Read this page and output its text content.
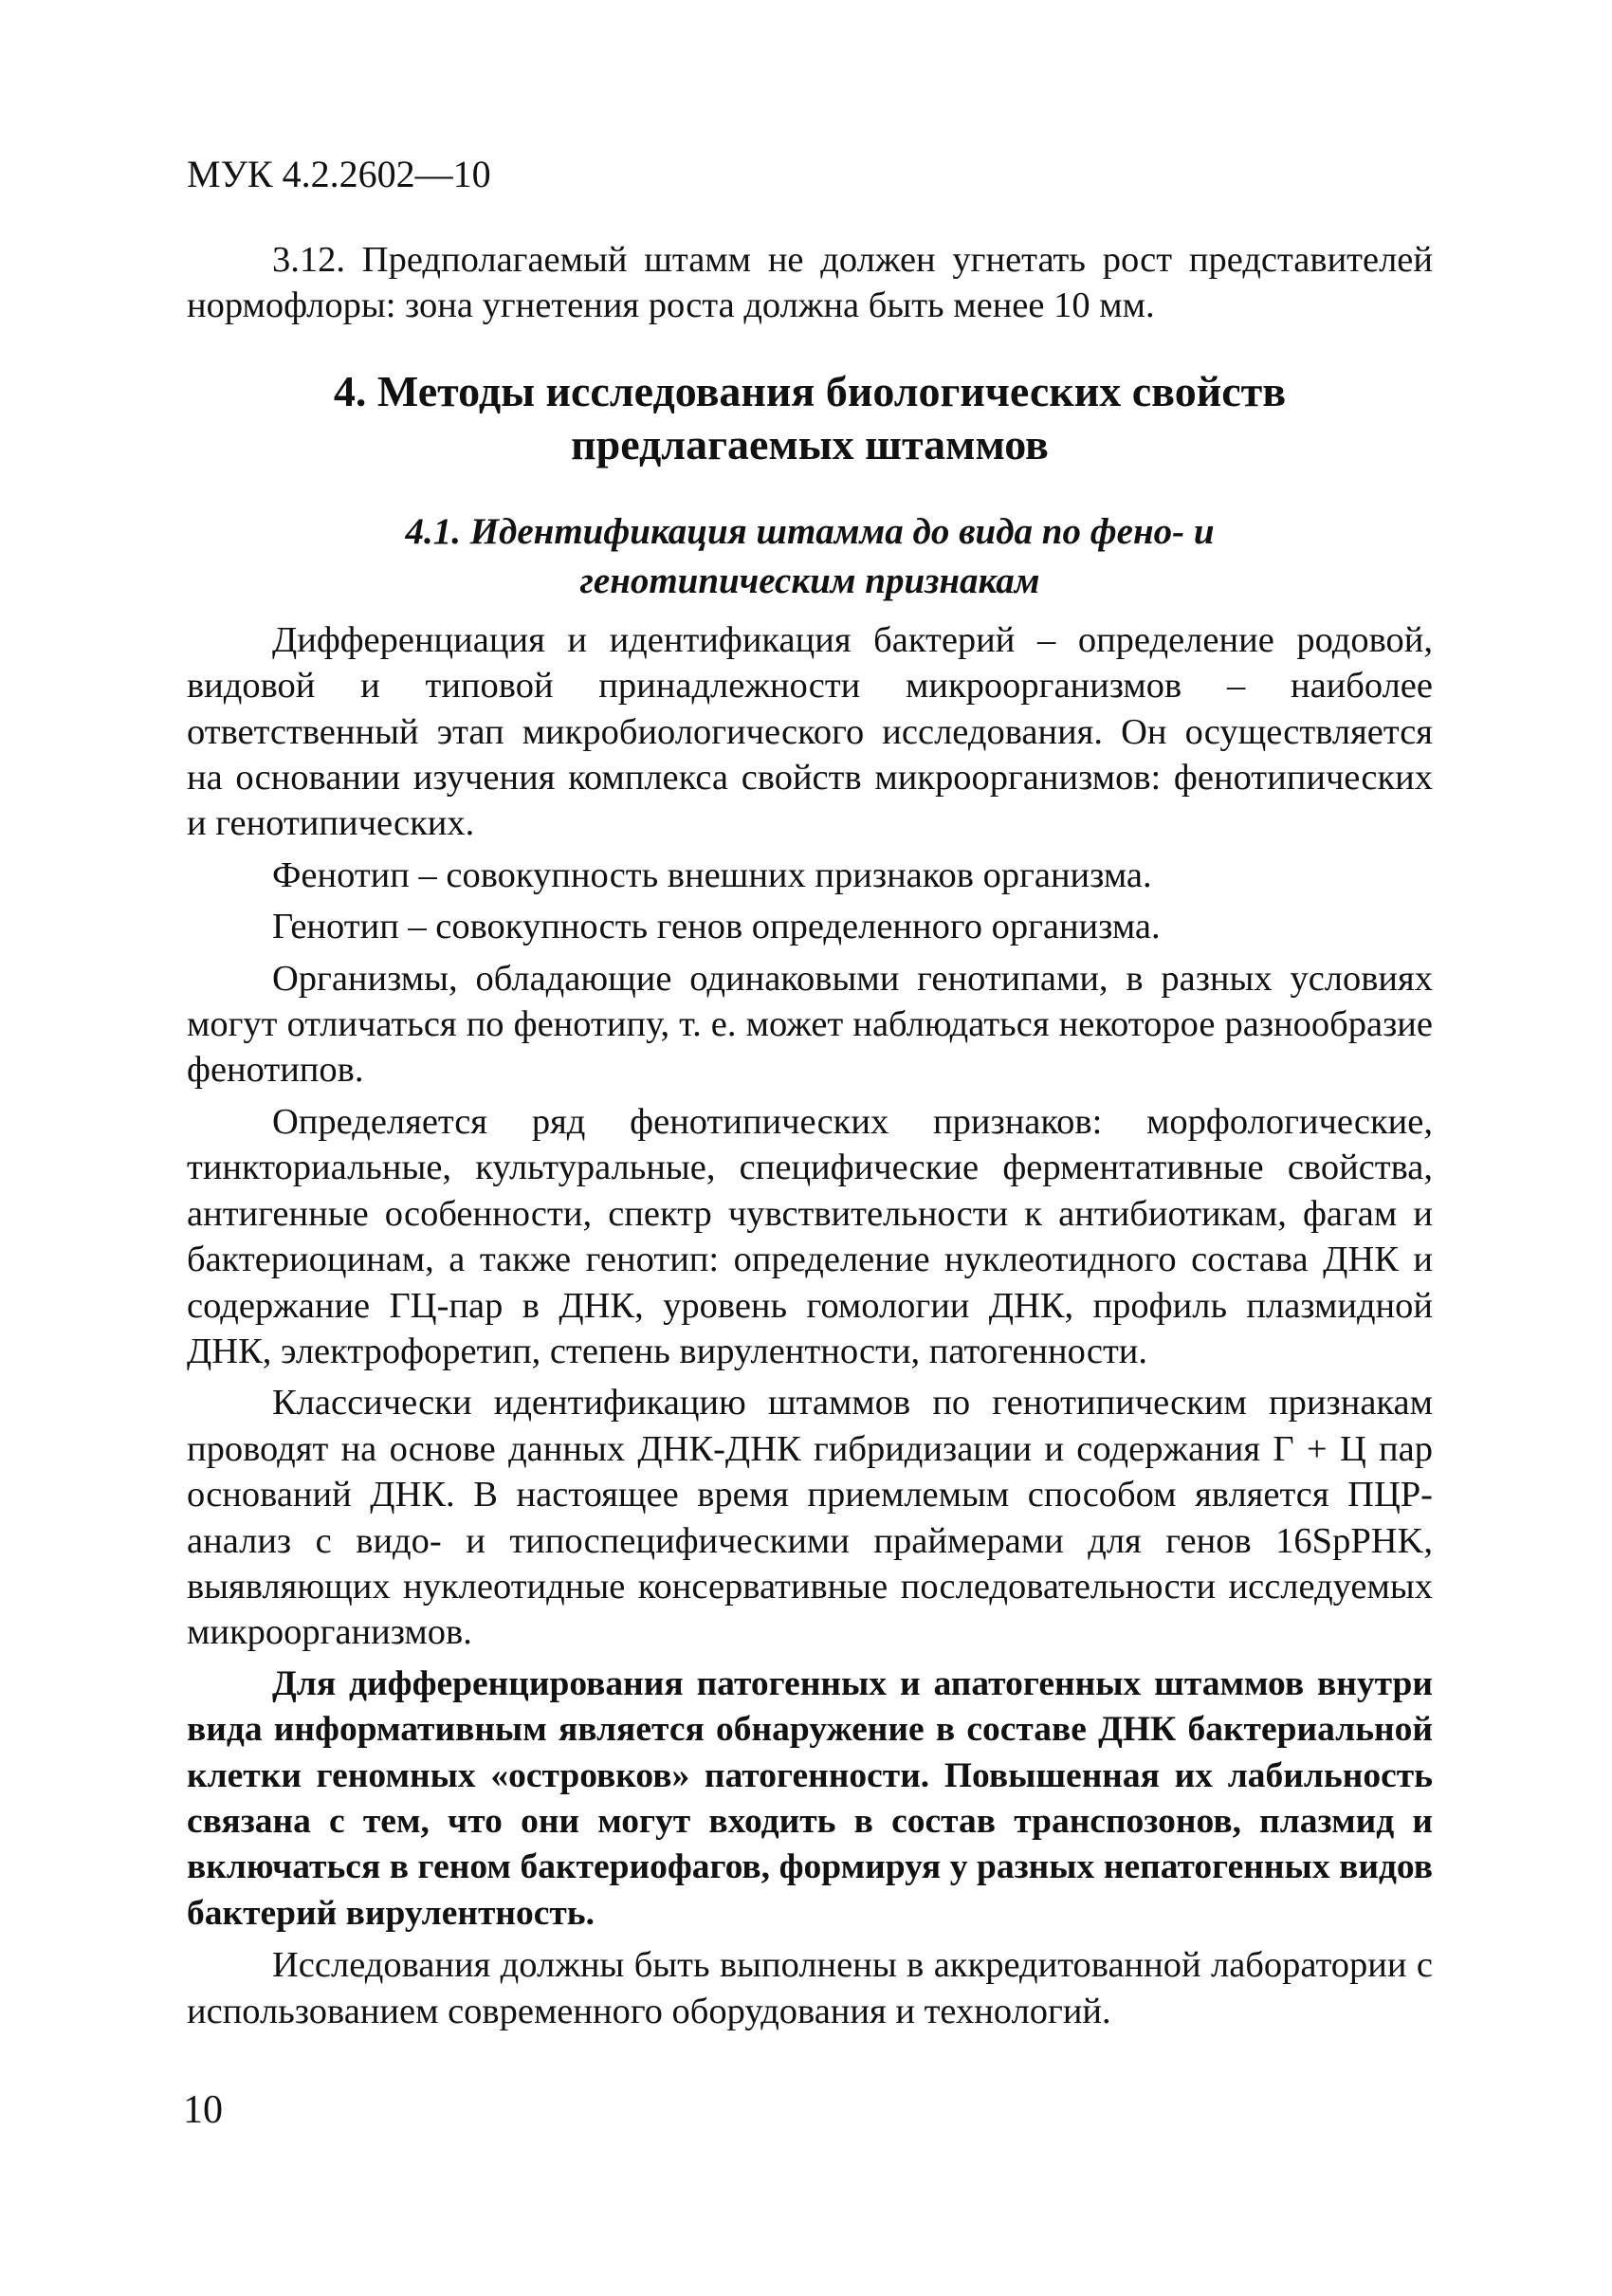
МУК 4.2.2602—10

3.12. Предполагаемый штамм не должен угнетать рост представителей нормофлоры: зона угнетения роста должна быть менее 10 мм.

4. Методы исследования биологических свойств
предлагаемых штаммов
4.1. Идентификация штамма до вида по фено- и
генотипическим признакам

Дифференциация и идентификация бактерий – определение родовой, видовой и типовой принадлежности микроорганизмов – наиболее ответственный этап микробиологического исследования. Он осуществляется на основании изучения комплекса свойств микроорганизмов: фенотипических и генотипических.

Фенотип – совокупность внешних признаков организма.

Генотип – совокупность генов определенного организма.

Организмы, обладающие одинаковыми генотипами, в разных условиях могут отличаться по фенотипу, т. е. может наблюдаться некоторое разнообразие фенотипов.

Определяется ряд фенотипических признаков: морфологические, тинкториальные, культуральные, специфические ферментативные свойства, антигенные особенности, спектр чувствительности к антибиотикам, фагам и бактериоцинам, а также генотип: определение нуклеотидного состава ДНК и содержание ГЦ-пар в ДНК, уровень гомологии ДНК, профиль плазмидной ДНК, электрофоретип, степень вирулентности, патогенности.

Классически идентификацию штаммов по генотипическим признакам проводят на основе данных ДНК-ДНК гибридизации и содержания Г + Ц пар оснований ДНК. В настоящее время приемлемым способом является ПЦР-анализ с видо- и типоспецифическими праймерами для генов 16SpPHK, выявляющих нуклеотидные консервативные последовательности исследуемых микроорганизмов.

Для дифференцирования патогенных и апатогенных штаммов внутри вида информативным является обнаружение в составе ДНК бактериальной клетки геномных «островков» патогенности. Повышенная их лабильность связана с тем, что они могут входить в состав транспозонов, плазмид и включаться в геном бактериофагов, формируя у разных непатогенных видов бактерий вирулентность.

Исследования должны быть выполнены в аккредитованной лаборатории с использованием современного оборудования и технологий.

10
